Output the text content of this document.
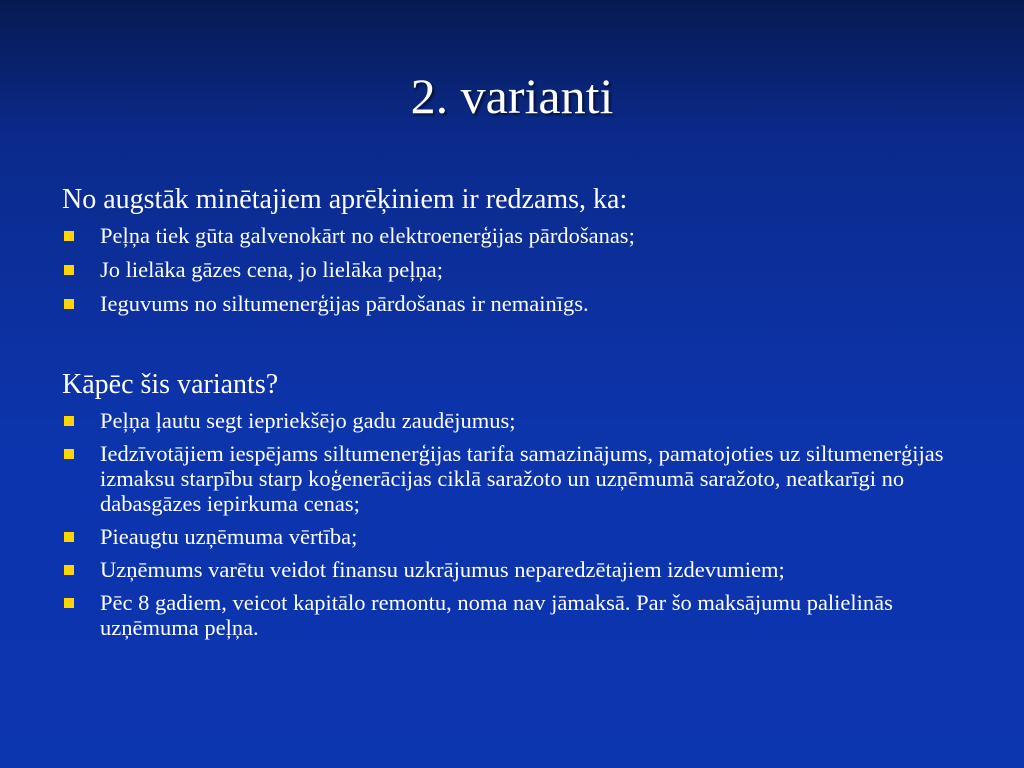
2. varianti
No augstāk minētajiem aprēķiniem ir redzams, ka:
Peļņa tiek gūta galvenokārt no elektroenerģijas pārdošanas;
Jo lielāka gāzes cena, jo lielāka peļņa;
Ieguvums no siltumenerģijas pārdošanas ir nemainīgs.
Kāpēc šis variants?
Peļņa ļautu segt iepriekšējo gadu zaudējumus;
Iedzīvotājiem iespējams siltumenerģijas tarifa samazinājums, pamatojoties uz siltumenerģijas izmaksu starpību starp koģenerācijas ciklā saražoto un uzņēmumā saražoto, neatkarīgi no dabasgāzes iepirkuma cenas;
Pieaugtu uzņēmuma vērtība;
Uzņēmums varētu veidot finansu uzkrājumus neparedzētajiem izdevumiem;
Pēc 8 gadiem, veicot kapitālo remontu, noma nav jāmaksā. Par šo maksājumu palielinās uzņēmuma peļņa.
